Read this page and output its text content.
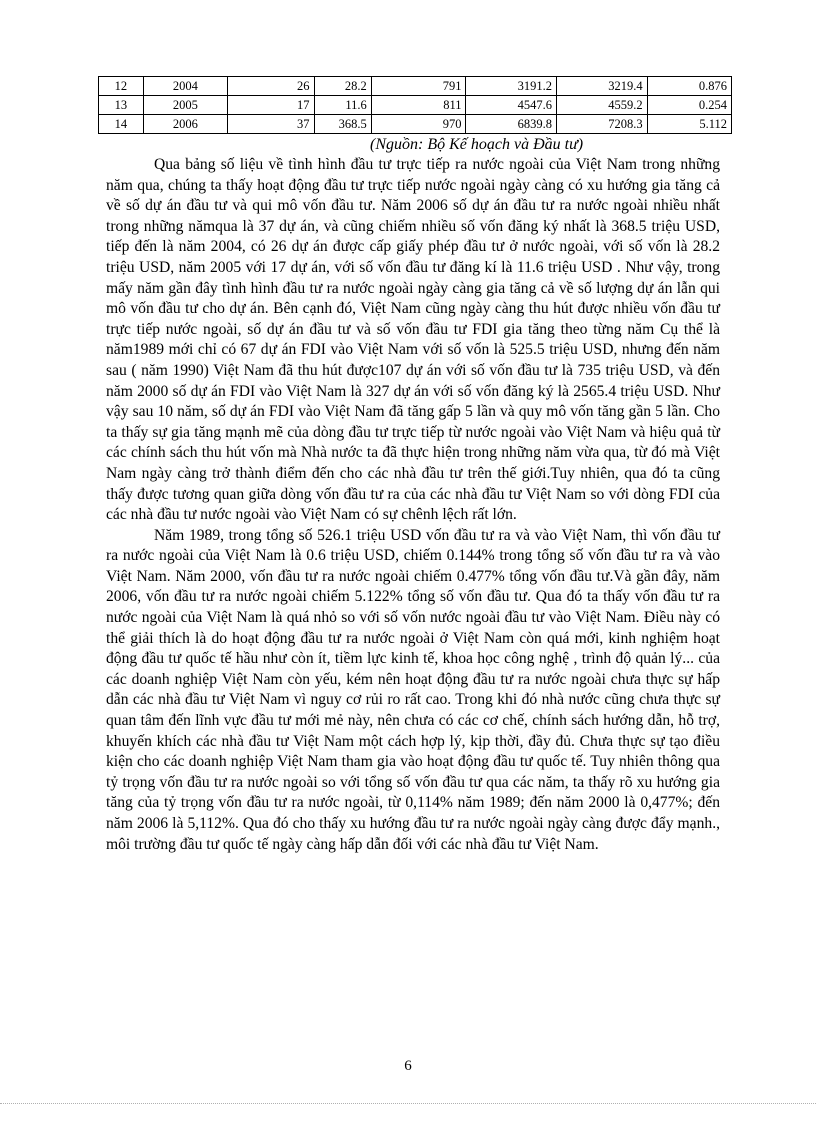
12	2004	26	28.2	791	3191.2	3219.4	0.876
13	2005	17	11.6	811	4547.6	4559.2	0.254
14	2006	37	368.5	970	6839.8	7208.3	5.112
(Nguồn: Bộ Kế hoạch và Đầu tư)

Qua bảng số liệu về tình hình đầu tư trực tiếp ra nước ngoài của Việt Nam trong những năm qua, chúng ta thấy hoạt động đầu tư trực tiếp nước ngoài ngày càng có xu hướng gia tăng cả về số dự án đầu tư và qui mô vốn đầu tư. Năm 2006 số dự án đầu tư ra nước ngoài nhiều nhất trong những nămqua là 37 dự án, và cũng chiếm nhiều số vốn đăng ký nhất là 368.5 triệu USD, tiếp đến là năm 2004, có 26 dự án được cấp giấy phép đầu tư ở nước ngoài, với số vốn là 28.2 triệu USD, năm 2005 với 17 dự án, với số vốn đầu tư đăng kí là 11.6 triệu USD . Như vậy, trong mấy năm gần đây tình hình đầu tư ra nước ngoài ngày càng gia tăng cả về số lượng dự án lẫn qui mô vốn đầu tư cho dự án. Bên cạnh đó, Việt Nam cũng ngày càng thu hút được nhiều vốn đầu tư trực tiếp nước ngoài, số dự án đầu tư và số vốn đầu tư FDI gia tăng theo từng năm Cụ thể là năm1989 mới chỉ có 67 dự án FDI vào Việt Nam với số vốn là 525.5 triệu USD, nhưng đến năm sau ( năm 1990) Việt Nam đã thu hút được107 dự án với số vốn đầu tư là 735 triệu USD, và đến năm 2000 số dự án FDI vào Việt Nam là 327 dự án với số vốn đăng ký là 2565.4 triệu USD. Như vậy sau 10 năm, số dự án FDI vào Việt Nam đã tăng gấp 5 lần và quy mô vốn tăng gần 5 lần. Cho ta thấy sự gia tăng mạnh mẽ của dòng đầu tư trực tiếp từ nước ngoài vào Việt Nam và hiệu quả từ các chính sách thu hút vốn mà Nhà nước ta đã thực hiện trong những năm vừa qua, từ đó mà Việt Nam ngày càng trở thành điểm đến cho các nhà đầu tư trên thế giới.Tuy nhiên, qua đó ta cũng thấy được tương quan giữa dòng vốn đầu tư ra của các nhà đầu tư Việt Nam so với dòng FDI của các nhà đầu tư nước ngoài vào Việt Nam có sự chênh lệch rất lớn.

Năm 1989, trong tổng số 526.1 triệu USD vốn đầu tư ra và vào Việt Nam, thì vốn đầu tư ra nước ngoài của Việt Nam là 0.6 triệu USD, chiếm 0.144% trong tổng số vốn đầu tư ra và vào Việt Nam. Năm 2000, vốn đầu tư ra nước ngoài chiếm 0.477% tổng vốn đầu tư.Và gần đây, năm 2006, vốn đầu tư ra nước ngoài chiếm 5.122% tổng số vốn đầu tư. Qua đó ta thấy vốn đầu tư ra nước ngoài của Việt Nam là quá nhỏ so với số vốn nước ngoài đầu tư vào Việt Nam. Điều này có thể giải thích là do hoạt động đầu tư ra nước ngoài ở Việt Nam còn quá mới, kinh nghiệm hoạt động đầu tư quốc tế hầu như còn ít, tiềm lực kinh tế, khoa học công nghệ , trình độ quản lý... của các doanh nghiệp Việt Nam còn yếu, kém nên hoạt động đầu tư ra nước ngoài chưa thực sự hấp dẫn các nhà đầu tư Việt Nam vì nguy cơ rủi ro rất cao. Trong khi đó nhà nước cũng chưa thực sự quan tâm đến lĩnh vực đầu tư mới mẻ này, nên chưa có các cơ chế, chính sách hướng dẫn, hỗ trợ, khuyến khích các nhà đầu tư Việt Nam một cách hợp lý, kịp thời, đầy đủ. Chưa thực sự tạo điều kiện cho các doanh nghiệp Việt Nam tham gia vào hoạt động đầu tư quốc tế. Tuy nhiên thông qua tỷ trọng vốn đầu tư ra nước ngoài so với tổng số vốn đầu tư qua các năm, ta thấy rõ xu hướng gia tăng của tỷ trọng vốn đầu tư ra nước ngoài, từ 0,114% năm 1989; đến năm 2000 là 0,477%; đến năm 2006 là 5,112%. Qua đó cho thấy xu hướng đầu tư ra nước ngoài ngày càng được đẩy mạnh., môi trường đầu tư quốc tế ngày càng hấp dẫn đối với các nhà đầu tư Việt Nam.

6
